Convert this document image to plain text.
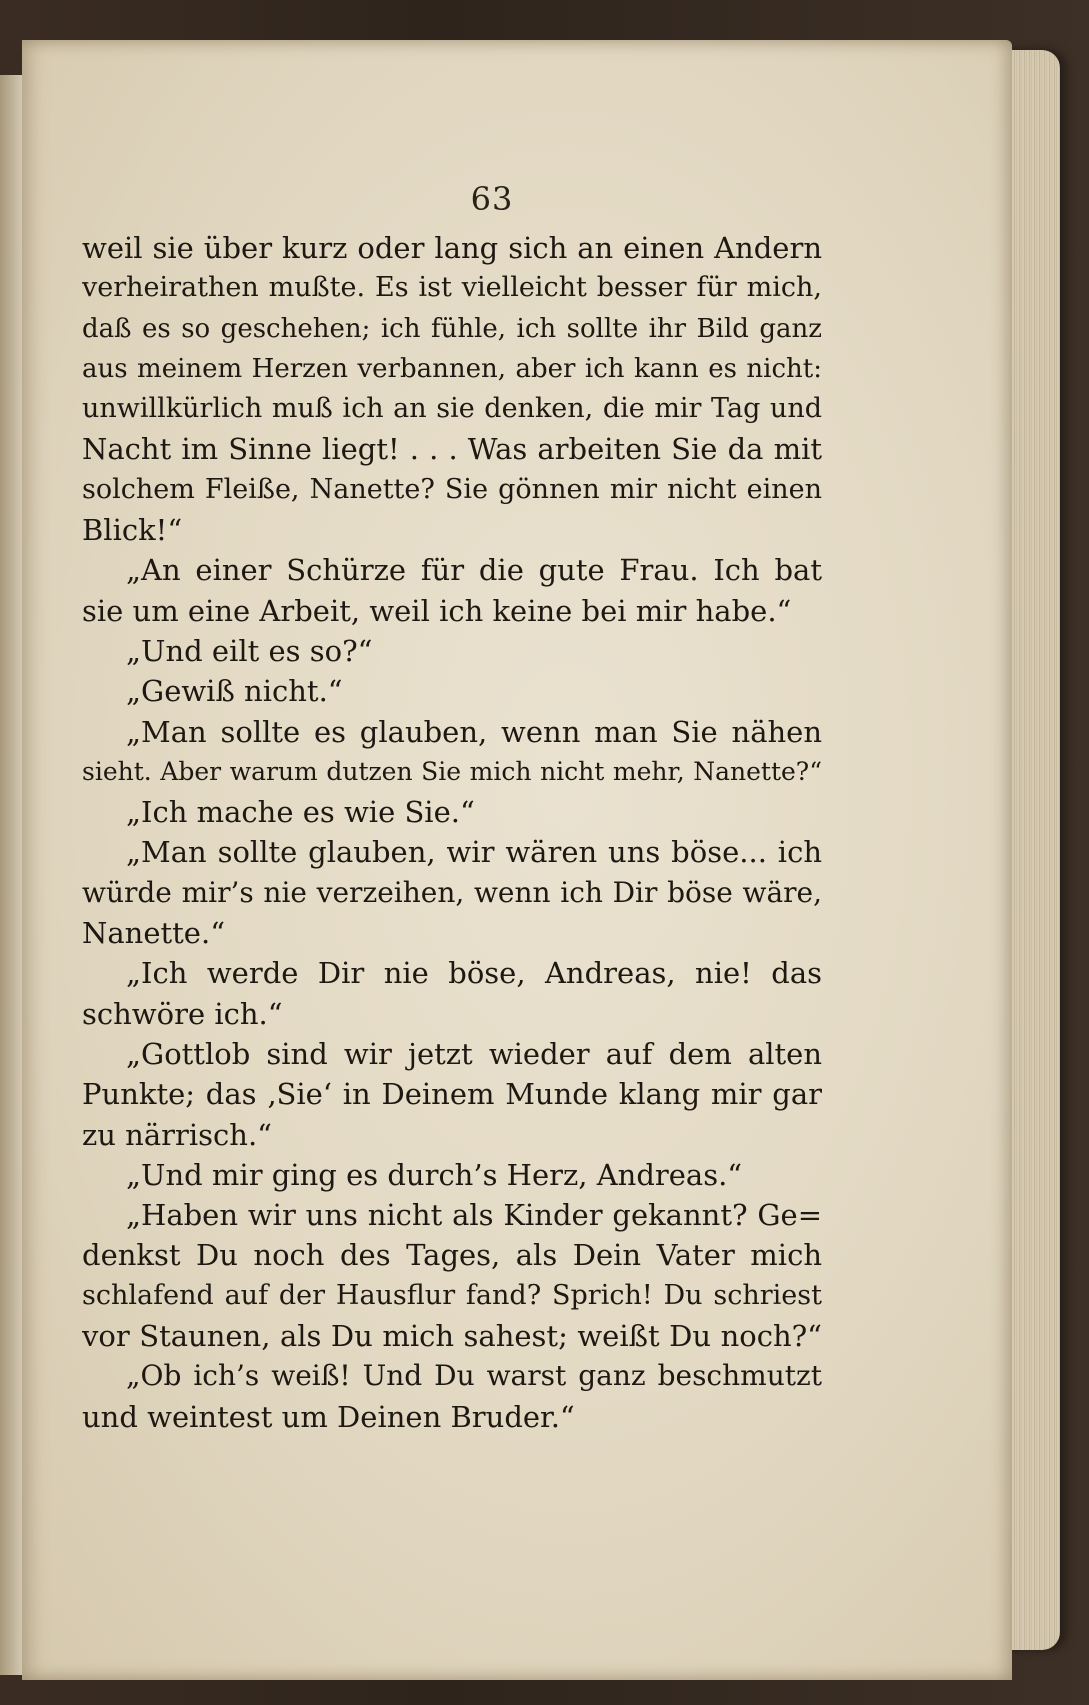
63
weil sie über kurz oder lang sich an einen Andern
verheirathen mußte. Es ist vielleicht besser für mich,
daß es so geschehen; ich fühle, ich sollte ihr Bild ganz
aus meinem Herzen verbannen, aber ich kann es nicht:
unwillkürlich muß ich an sie denken, die mir Tag und
Nacht im Sinne liegt! . . . Was arbeiten Sie da mit
solchem Fleiße, Nanette? Sie gönnen mir nicht einen
Blick!“
„An einer Schürze für die gute Frau. Ich bat
sie um eine Arbeit, weil ich keine bei mir habe.“
„Und eilt es so?“
„Gewiß nicht.“
„Man sollte es glauben, wenn man Sie nähen
sieht. Aber warum dutzen Sie mich nicht mehr, Nanette?“
„Ich mache es wie Sie.“
„Man sollte glauben, wir wären uns böse... ich
würde mir’s nie verzeihen, wenn ich Dir böse wäre,
Nanette.“
„Ich werde Dir nie böse, Andreas, nie! das
schwöre ich.“
„Gottlob sind wir jetzt wieder auf dem alten
Punkte; das ‚Sie‘ in Deinem Munde klang mir gar
zu närrisch.“
„Und mir ging es durch’s Herz, Andreas.“
„Haben wir uns nicht als Kinder gekannt? Ge=
denkst Du noch des Tages, als Dein Vater mich
schlafend auf der Hausflur fand? Sprich! Du schriest
vor Staunen, als Du mich sahest; weißt Du noch?“
„Ob ich’s weiß! Und Du warst ganz beschmutzt
und weintest um Deinen Bruder.“
